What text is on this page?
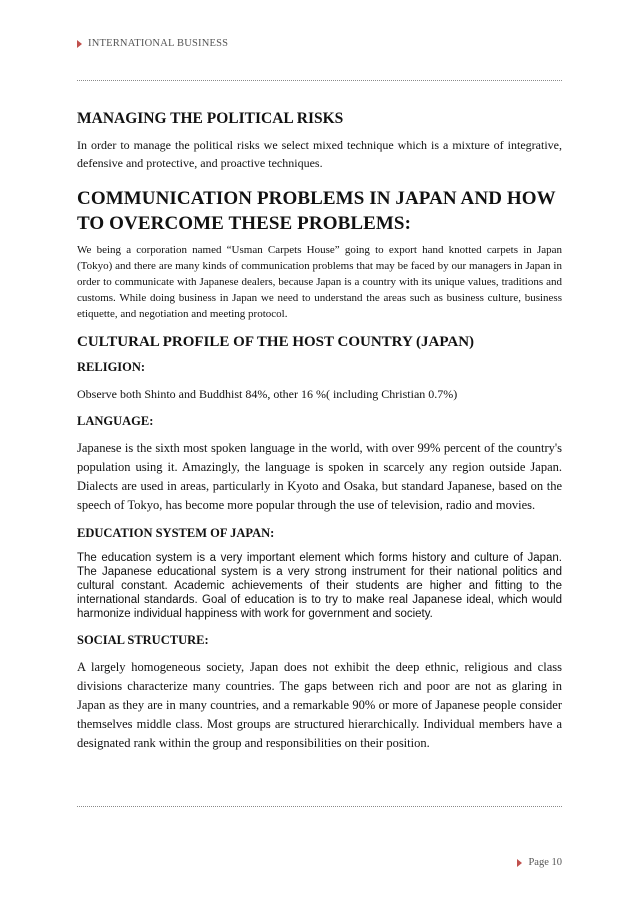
INTERNATIONAL BUSINESS
MANAGING THE POLITICAL RISKS

In order to manage the political risks we select mixed technique which is a mixture of integrative, defensive and protective, and proactive techniques.

COMMUNICATION PROBLEMS IN JAPAN AND HOW TO OVERCOME THESE PROBLEMS:

We being a corporation named “Usman Carpets House” going to export hand knotted carpets in Japan (Tokyo) and there are many kinds of communication problems that may be faced by our managers in Japan in order to communicate with Japanese dealers, because Japan is a country with its unique values, traditions and customs. While doing business in Japan we need to understand the areas such as business culture, business etiquette, and negotiation and meeting protocol.

CULTURAL PROFILE OF THE HOST COUNTRY (JAPAN)
RELIGION:

Observe both Shinto and Buddhist 84%, other 16 %( including Christian 0.7%)

LANGUAGE:

Japanese is the sixth most spoken language in the world, with over 99% percent of the country's population using it. Amazingly, the language is spoken in scarcely any region outside Japan. Dialects are used in areas, particularly in Kyoto and Osaka, but standard Japanese, based on the speech of Tokyo, has become more popular through the use of television, radio and movies.

EDUCATION SYSTEM OF JAPAN:

The education system is a very important element which forms history and culture of Japan. The Japanese educational system is a very strong instrument for their national politics and cultural constant. Academic achievements of their students are higher and fitting to the international standards. Goal of education is to try to make real Japanese ideal, which would harmonize individual happiness with work for government and society.

SOCIAL STRUCTURE:

A largely homogeneous society, Japan does not exhibit the deep ethnic, religious and class divisions characterize many countries. The gaps between rich and poor are not as glaring in Japan as they are in many countries, and a remarkable 90% or more of Japanese people consider themselves middle class. Most groups are structured hierarchically. Individual members have a designated rank within the group and responsibilities on their position.

Page 10
